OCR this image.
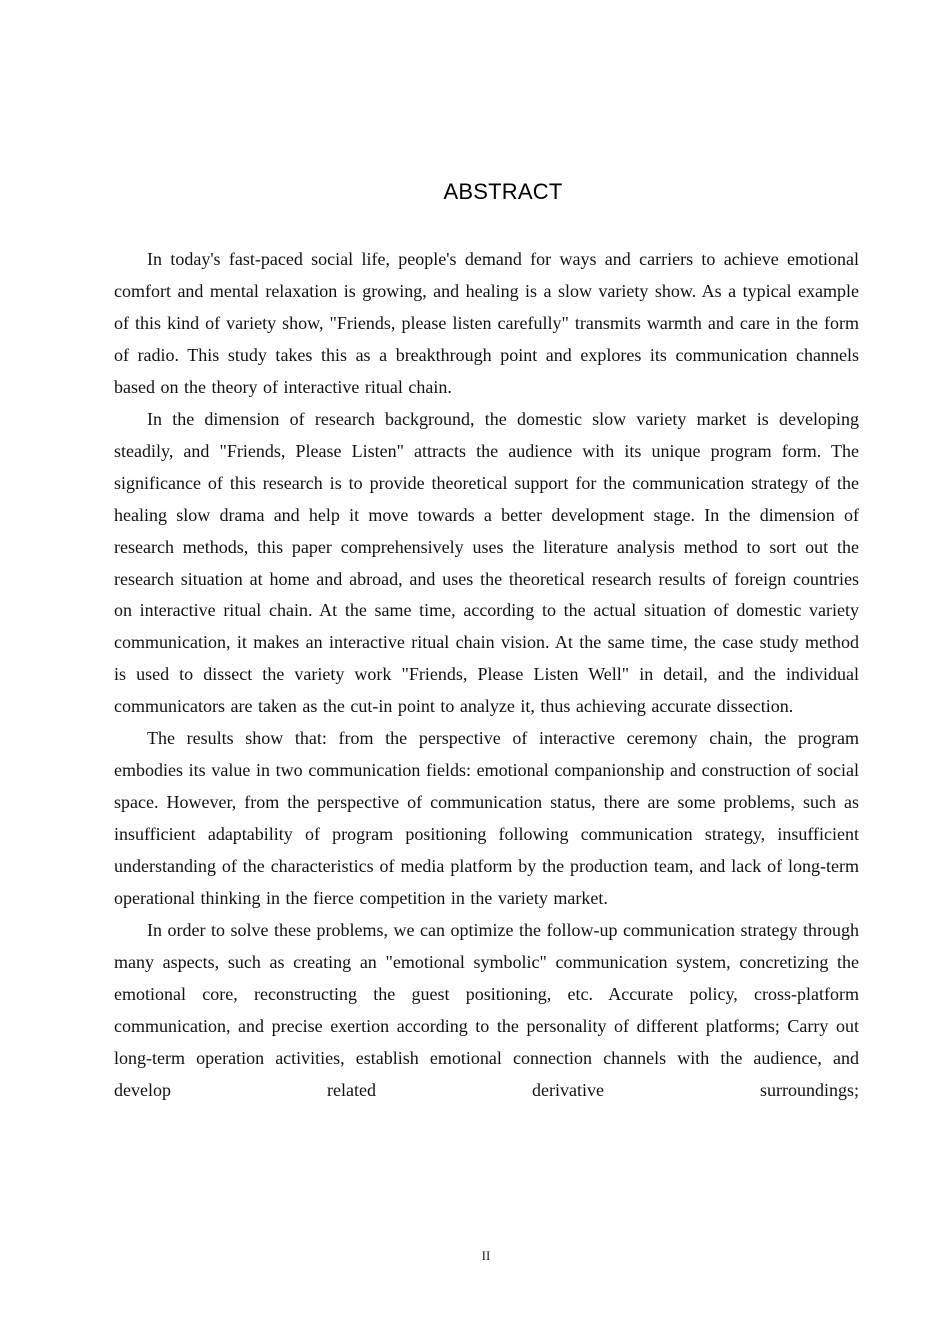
ABSTRACT

In today's fast-paced social life, people's demand for ways and carriers to achieve emotional comfort and mental relaxation is growing, and healing is a slow variety show. As a typical example of this kind of variety show, "Friends, please listen carefully" transmits warmth and care in the form of radio. This study takes this as a breakthrough point and explores its communication channels based on the theory of interactive ritual chain.

In the dimension of research background, the domestic slow variety market is developing steadily, and "Friends, Please Listen" attracts the audience with its unique program form. The significance of this research is to provide theoretical support for the communication strategy of the healing slow drama and help it move towards a better development stage. In the dimension of research methods, this paper comprehensively uses the literature analysis method to sort out the research situation at home and abroad, and uses the theoretical research results of foreign countries on interactive ritual chain. At the same time, according to the actual situation of domestic variety communication, it makes an interactive ritual chain vision. At the same time, the case study method is used to dissect the variety work "Friends, Please Listen Well" in detail, and the individual communicators are taken as the cut-in point to analyze it, thus achieving accurate dissection.

The results show that: from the perspective of interactive ceremony chain, the program embodies its value in two communication fields: emotional companionship and construction of social space. However, from the perspective of communication status, there are some problems, such as insufficient adaptability of program positioning following communication strategy, insufficient understanding of the characteristics of media platform by the production team, and lack of long-term operational thinking in the fierce competition in the variety market.

In order to solve these problems, we can optimize the follow-up communication strategy through many aspects, such as creating an "emotional symbolic" communication system, concretizing the emotional core, reconstructing the guest positioning, etc. Accurate policy, cross-platform communication, and precise exertion according to the personality of different platforms; Carry out long-term operation activities, establish emotional connection channels with the audience, and develop related derivative surroundings;

II
